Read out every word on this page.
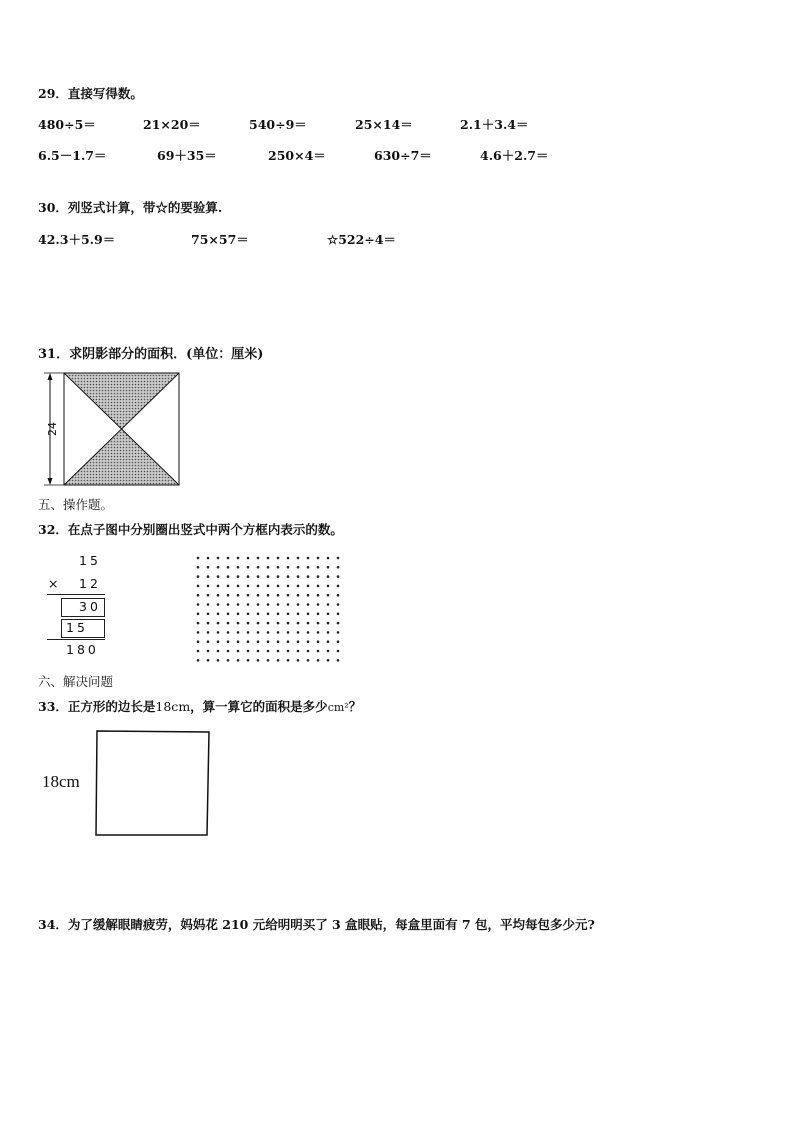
29．直接写得数。
480÷5＝	21×20＝	540÷9＝	25×14＝	2.1＋3.4＝
6.5－1.7＝	69＋35＝	250×4＝	630÷7＝	4.6＋2.7＝
30．列竖式计算，带☆的要验算.
42.3＋5.9＝	75×57＝	☆522÷4＝
31．求阴影部分的面积．(单位：厘米)
24
五、操作题。
32．在点子图中分别圈出竖式中两个方框内表示的数。
15
× 12
30
15
180
六、解决问题
33．正方形的边长是18cm，算一算它的面积是多少cm²？
18cm
34．为了缓解眼睛疲劳，妈妈花 210 元给明明买了 3 盒眼贴，每盒里面有 7 包，平均每包多少元?
